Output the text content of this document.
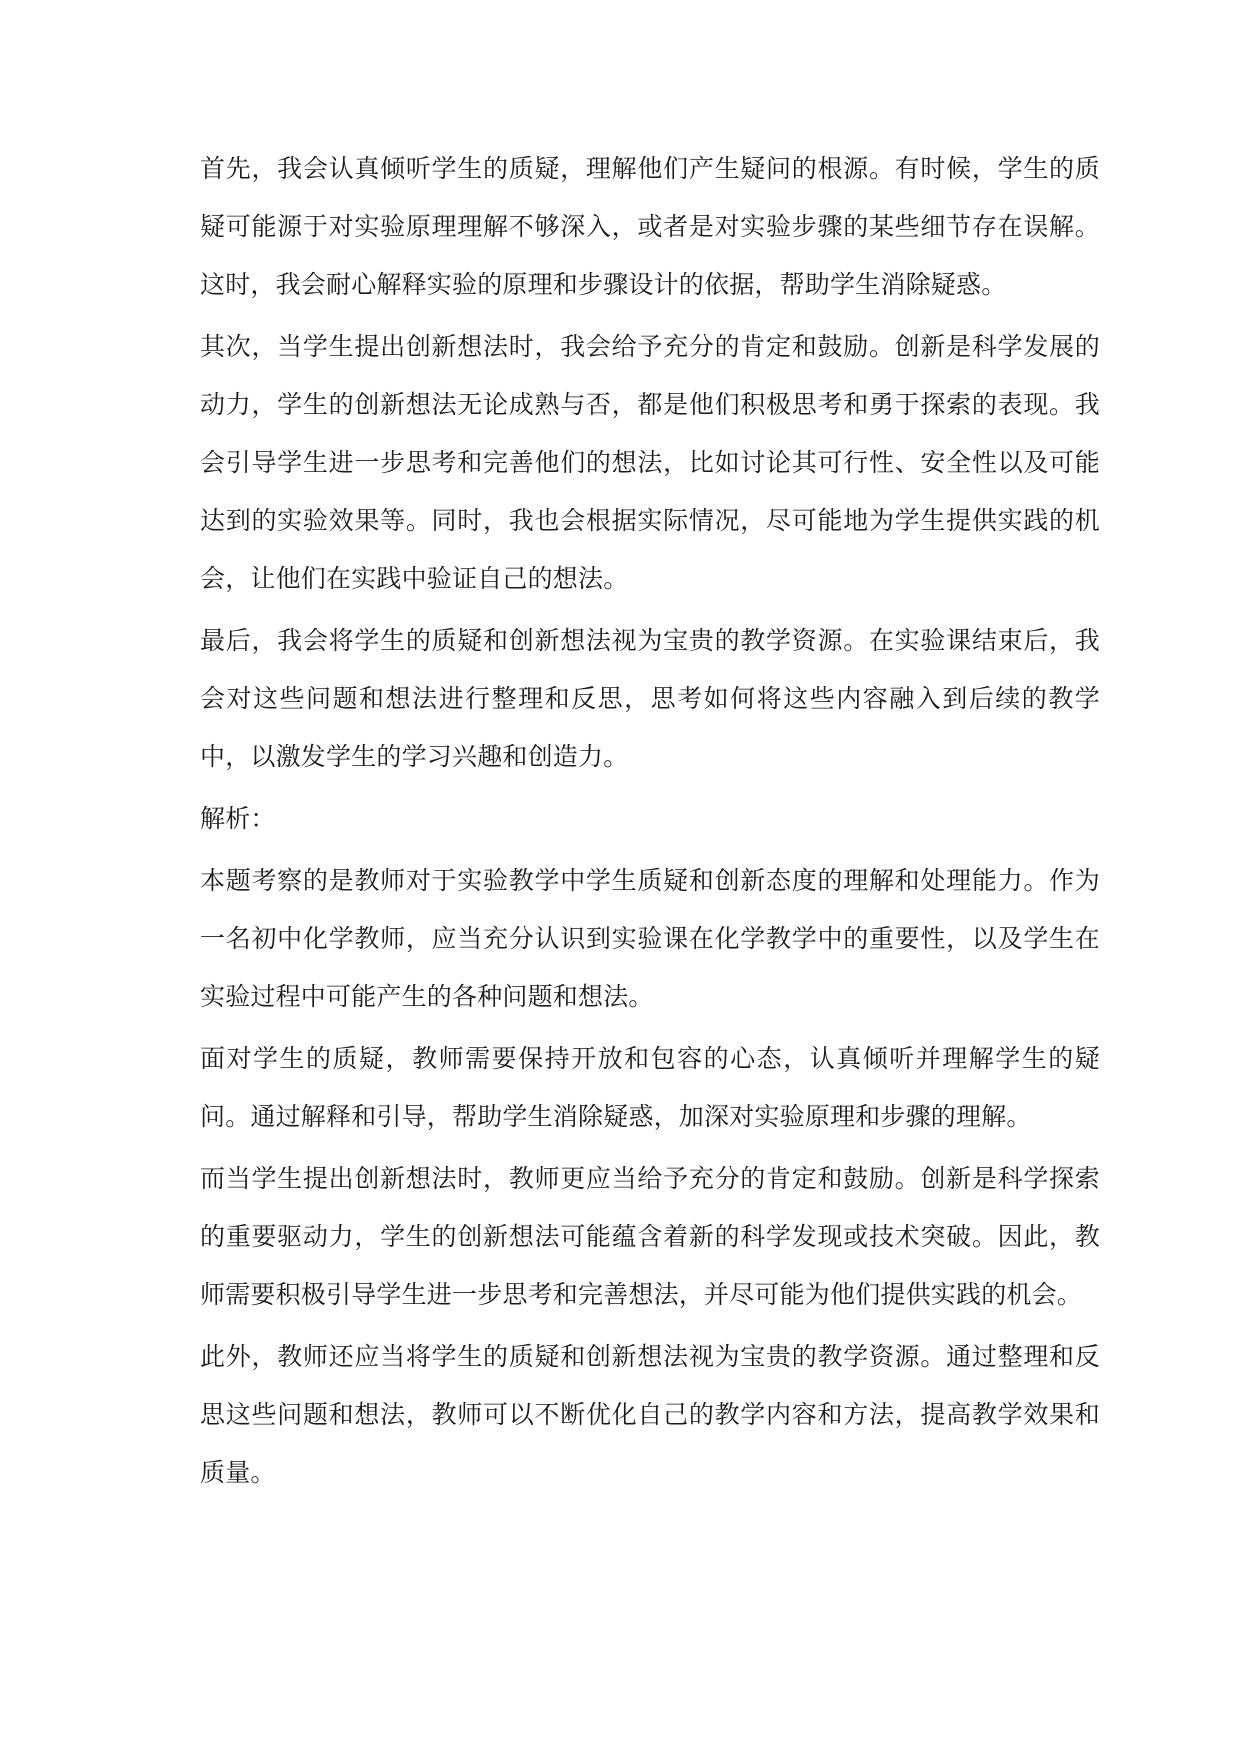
首先，我会认真倾听学生的质疑，理解他们产生疑问的根源。有时候，学生的质疑可能源于对实验原理理解不够深入，或者是对实验步骤的某些细节存在误解。这时，我会耐心解释实验的原理和步骤设计的依据，帮助学生消除疑惑。

其次，当学生提出创新想法时，我会给予充分的肯定和鼓励。创新是科学发展的动力，学生的创新想法无论成熟与否，都是他们积极思考和勇于探索的表现。我会引导学生进一步思考和完善他们的想法，比如讨论其可行性、安全性以及可能达到的实验效果等。同时，我也会根据实际情况，尽可能地为学生提供实践的机会，让他们在实践中验证自己的想法。

最后，我会将学生的质疑和创新想法视为宝贵的教学资源。在实验课结束后，我会对这些问题和想法进行整理和反思，思考如何将这些内容融入到后续的教学中，以激发学生的学习兴趣和创造力。

解析：

本题考察的是教师对于实验教学中学生质疑和创新态度的理解和处理能力。作为一名初中化学教师，应当充分认识到实验课在化学教学中的重要性，以及学生在实验过程中可能产生的各种问题和想法。

面对学生的质疑，教师需要保持开放和包容的心态，认真倾听并理解学生的疑问。通过解释和引导，帮助学生消除疑惑，加深对实验原理和步骤的理解。

而当学生提出创新想法时，教师更应当给予充分的肯定和鼓励。创新是科学探索的重要驱动力，学生的创新想法可能蕴含着新的科学发现或技术突破。因此，教师需要积极引导学生进一步思考和完善想法，并尽可能为他们提供实践的机会。

此外，教师还应当将学生的质疑和创新想法视为宝贵的教学资源。通过整理和反思这些问题和想法，教师可以不断优化自己的教学内容和方法，提高教学效果和质量。
